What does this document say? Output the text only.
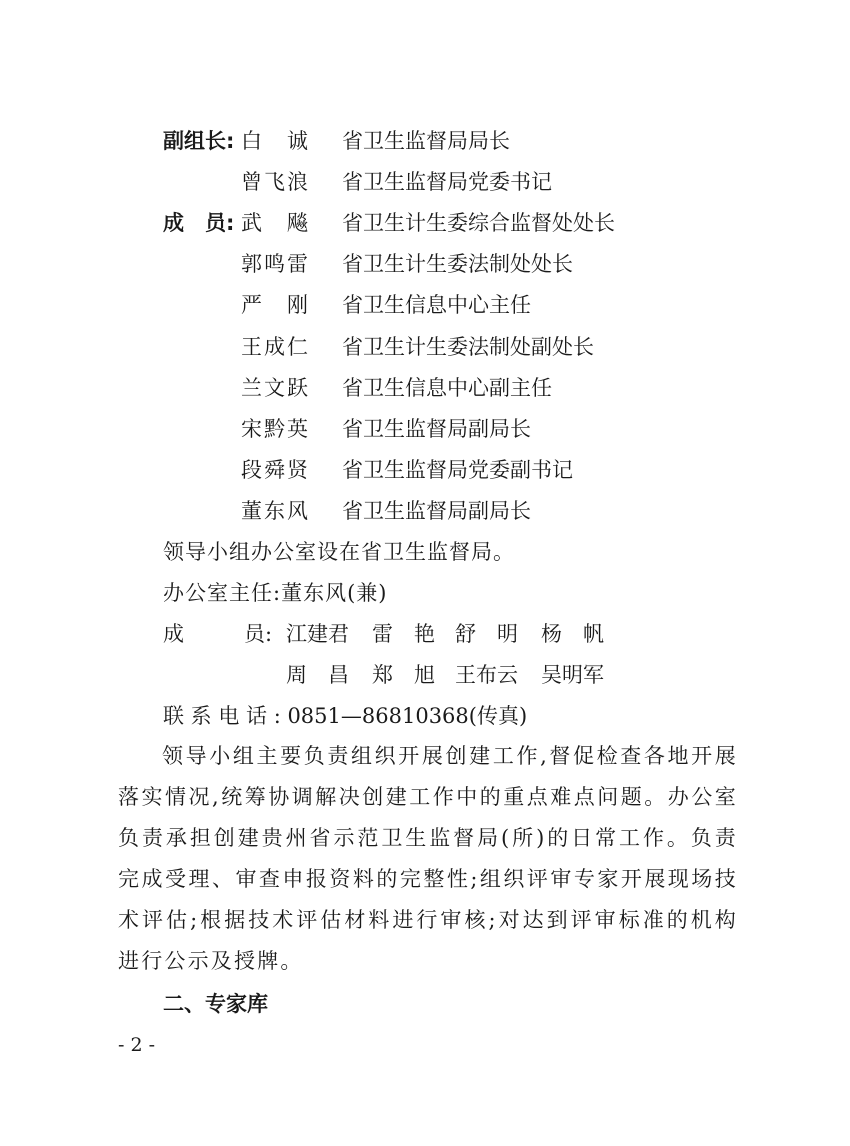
副组长: 白　诚 省卫生监督局局长
曾飞浪 省卫生监督局党委书记
成　员: 武　飚 省卫生计生委综合监督处处长
郭鸣雷 省卫生计生委法制处处长
严　刚 省卫生信息中心主任
王成仁 省卫生计生委法制处副处长
兰文跃 省卫生信息中心副主任
宋黔英 省卫生监督局副局长
段舜贤 省卫生监督局党委副书记
董东风 省卫生监督局副局长
领导小组办公室设在省卫生监督局。
办公室主任:董东风(兼)
成	员: 江建君 雷　艳 舒　明 杨　帆
周　昌 郑　旭 王布云 吴明军
联 系 电 话 : 0851—86810368(传真)

领导小组主要负责组织开展创建工作,督促检查各地开展落实情况,统筹协调解决创建工作中的重点难点问题。办公室负责承担创建贵州省示范卫生监督局(所)的日常工作。负责完成受理、审查申报资料的完整性;组织评审专家开展现场技术评估;根据技术评估材料进行审核;对达到评审标准的机构进行公示及授牌。

二、专家库
- 2 -
